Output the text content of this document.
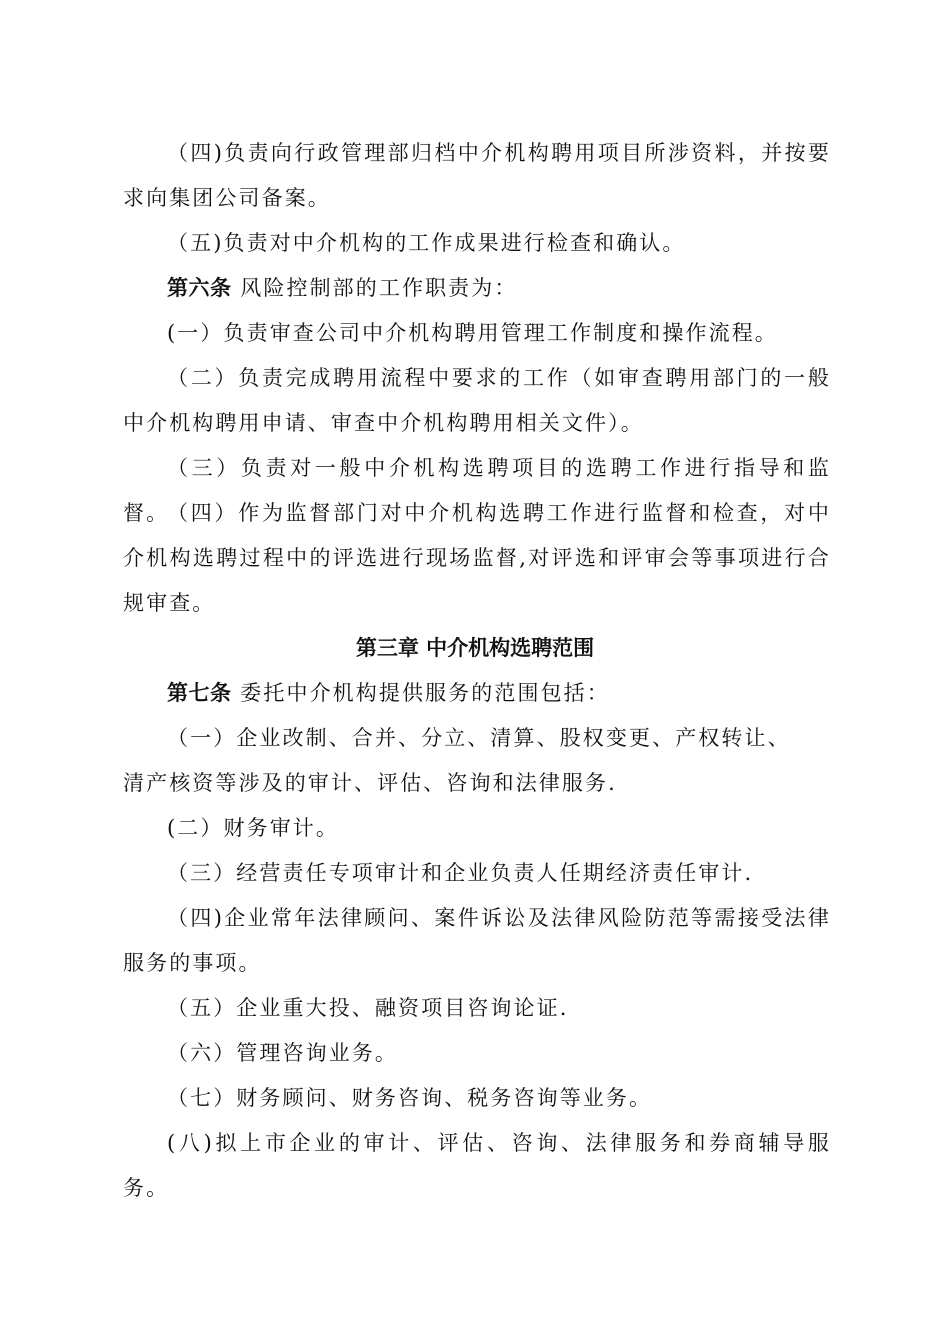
（四)负责向行政管理部归档中介机构聘用项目所涉资料，并按要求向集团公司备案。

（五)负责对中介机构的工作成果进行检查和确认。

第六条 风险控制部的工作职责为：

(一）负责审查公司中介机构聘用管理工作制度和操作流程。

（二）负责完成聘用流程中要求的工作（如审查聘用部门的一般中介机构聘用申请、审查中介机构聘用相关文件）。

（三）负责对一般中介机构选聘项目的选聘工作进行指导和监督。

（四）作为监督部门对中介机构选聘工作进行监督和检查，对中介机构选聘过程中的评选进行现场监督,对评选和评审会等事项进行合规审查。

第三章 中介机构选聘范围

第七条 委托中介机构提供服务的范围包括：

（一）企业改制、合并、分立、清算、股权变更、产权转让、

清产核资等涉及的审计、评估、咨询和法律服务.

(二）财务审计。

（三）经营责任专项审计和企业负责人任期经济责任审计.

（四)企业常年法律顾问、案件诉讼及法律风险防范等需接受法律服务的事项。

（五）企业重大投、融资项目咨询论证.

（六）管理咨询业务。

（七）财务顾问、财务咨询、税务咨询等业务。

(八)拟上市企业的审计、评估、咨询、法律服务和券商辅导服务。
